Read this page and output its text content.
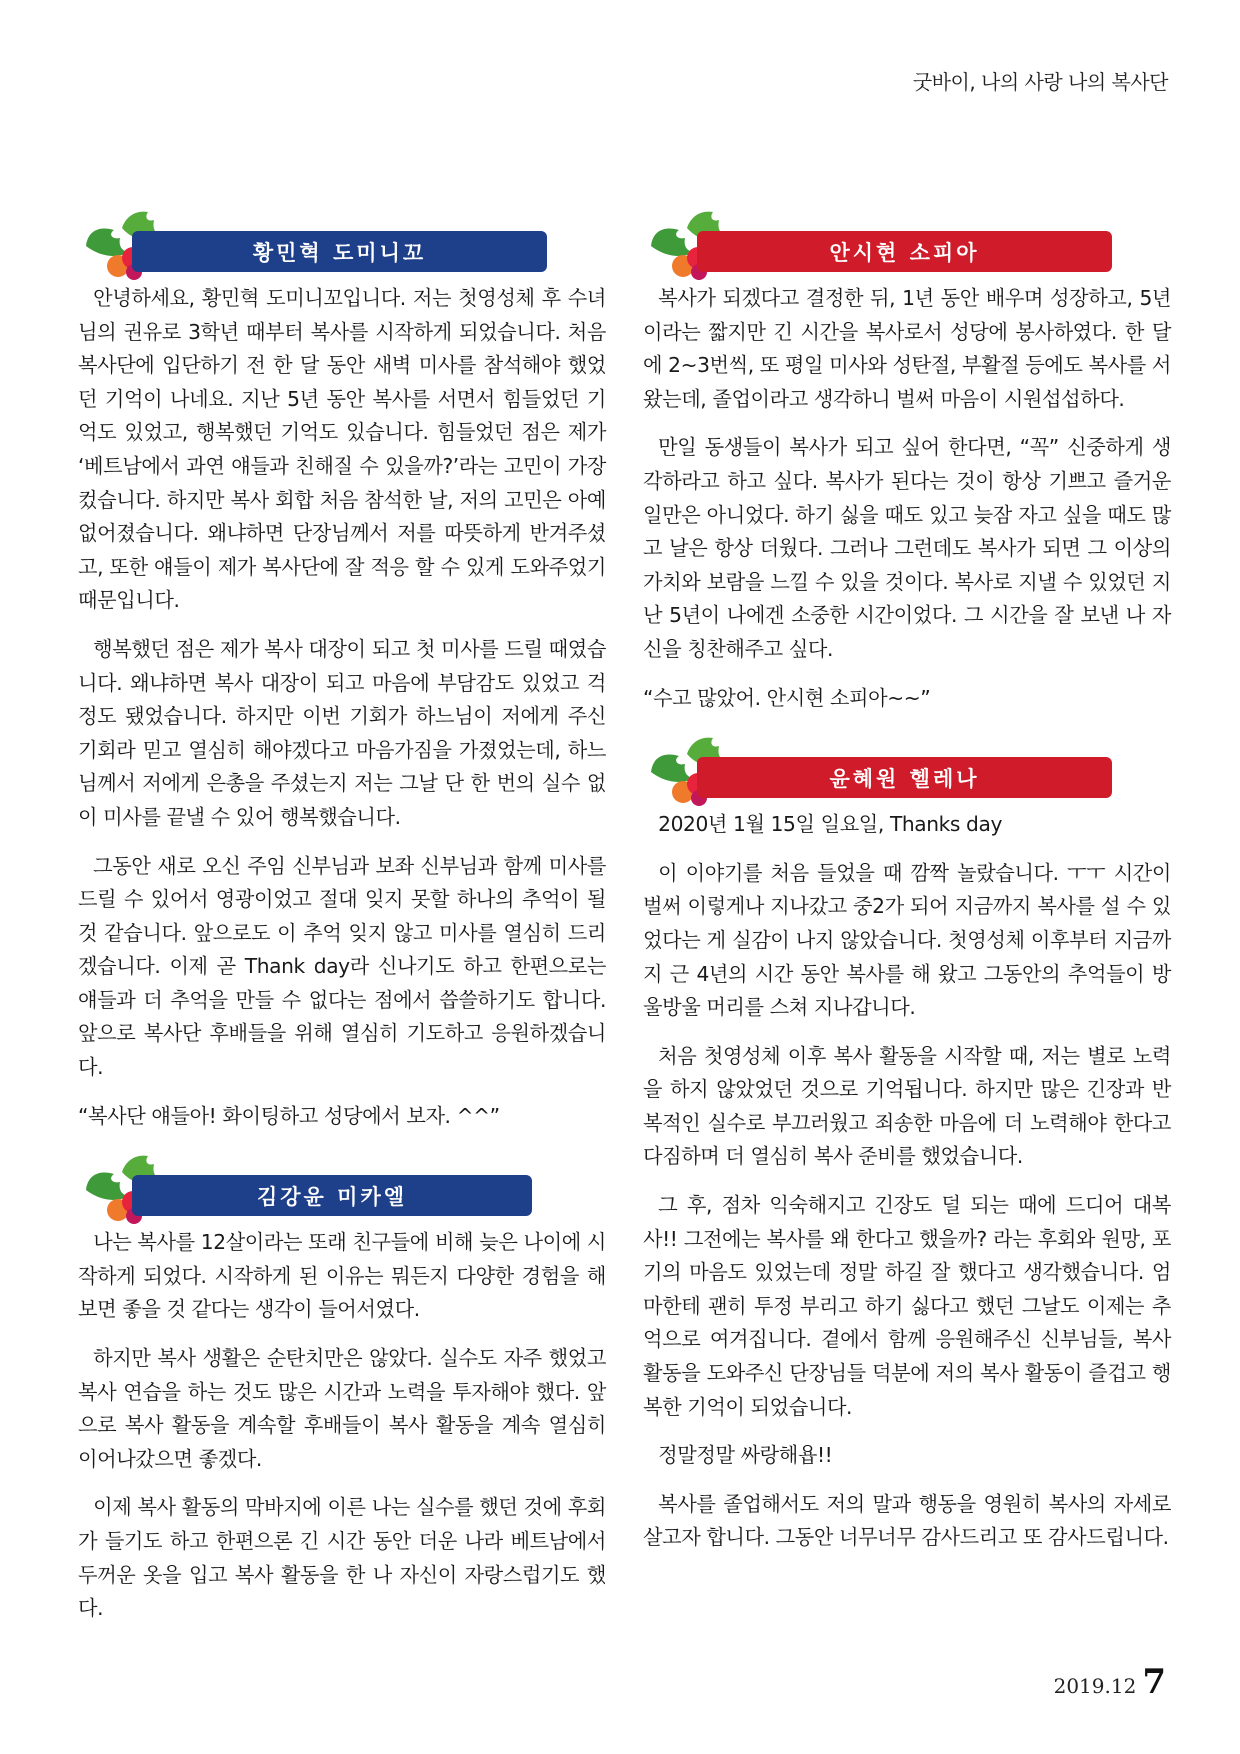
굿바이, 나의 사랑 나의 복사단
황민혁 도미니꼬

안녕하세요, 황민혁 도미니꼬입니다. 저는 첫영성체 후 수녀님의 권유로 3학년 때부터 복사를 시작하게 되었습니다. 처음 복사단에 입단하기 전 한 달 동안 새벽 미사를 참석해야 했었던 기억이 나네요. 지난 5년 동안 복사를 서면서 힘들었던 기억도 있었고, 행복했던 기억도 있습니다. 힘들었던 점은 제가 ‘베트남에서 과연 얘들과 친해질 수 있을까?’라는 고민이 가장 컸습니다. 하지만 복사 회합 처음 참석한 날, 저의 고민은 아예 없어졌습니다. 왜냐하면 단장님께서 저를 따뜻하게 반겨주셨고, 또한 얘들이 제가 복사단에 잘 적응 할 수 있게 도와주었기 때문입니다.

행복했던 점은 제가 복사 대장이 되고 첫 미사를 드릴 때였습니다. 왜냐하면 복사 대장이 되고 마음에 부담감도 있었고 걱정도 됐었습니다. 하지만 이번 기회가 하느님이 저에게 주신 기회라 믿고 열심히 해야겠다고 마음가짐을 가졌었는데, 하느님께서 저에게 은총을 주셨는지 저는 그날 단 한 번의 실수 없이 미사를 끝낼 수 있어 행복했습니다.

그동안 새로 오신 주임 신부님과 보좌 신부님과 함께 미사를 드릴 수 있어서 영광이었고 절대 잊지 못할 하나의 추억이 될 것 같습니다. 앞으로도 이 추억 잊지 않고 미사를 열심히 드리겠습니다. 이제 곧 Thank day라 신나기도 하고 한편으로는 얘들과 더 추억을 만들 수 없다는 점에서 씁쓸하기도 합니다. 앞으로 복사단 후배들을 위해 열심히 기도하고 응원하겠습니다.

“복사단 얘들아! 화이팅하고 성당에서 보자. ^^”

김강윤 미카엘

나는 복사를 12살이라는 또래 친구들에 비해 늦은 나이에 시작하게 되었다. 시작하게 된 이유는 뭐든지 다양한 경험을 해보면 좋을 것 같다는 생각이 들어서였다.

하지만 복사 생활은 순탄치만은 않았다. 실수도 자주 했었고 복사 연습을 하는 것도 많은 시간과 노력을 투자해야 했다. 앞으로 복사 활동을 계속할 후배들이 복사 활동을 계속 열심히 이어나갔으면 좋겠다.

이제 복사 활동의 막바지에 이른 나는 실수를 했던 것에 후회가 들기도 하고 한편으론 긴 시간 동안 더운 나라 베트남에서 두꺼운 옷을 입고 복사 활동을 한 나 자신이 자랑스럽기도 했다.

안시현 소피아

복사가 되겠다고 결정한 뒤, 1년 동안 배우며 성장하고, 5년이라는 짧지만 긴 시간을 복사로서 성당에 봉사하였다. 한 달에 2~3번씩, 또 평일 미사와 성탄절, 부활절 등에도 복사를 서 왔는데, 졸업이라고 생각하니 벌써 마음이 시원섭섭하다.

만일 동생들이 복사가 되고 싶어 한다면, “꼭” 신중하게 생각하라고 하고 싶다. 복사가 된다는 것이 항상 기쁘고 즐거운 일만은 아니었다. 하기 싫을 때도 있고 늦잠 자고 싶을 때도 많고 날은 항상 더웠다. 그러나 그런데도 복사가 되면 그 이상의 가치와 보람을 느낄 수 있을 것이다. 복사로 지낼 수 있었던 지난 5년이 나에겐 소중한 시간이었다. 그 시간을 잘 보낸 나 자신을 칭찬해주고 싶다.

“수고 많았어. 안시현 소피아~~”

윤혜원 헬레나

2020년 1월 15일 일요일, Thanks day

이 이야기를 처음 들었을 때 깜짝 놀랐습니다. ㅜㅜ 시간이 벌써 이렇게나 지나갔고 중2가 되어 지금까지 복사를 설 수 있었다는 게 실감이 나지 않았습니다. 첫영성체 이후부터 지금까지 근 4년의 시간 동안 복사를 해 왔고 그동안의 추억들이 방울방울 머리를 스쳐 지나갑니다.

처음 첫영성체 이후 복사 활동을 시작할 때, 저는 별로 노력을 하지 않았었던 것으로 기억됩니다. 하지만 많은 긴장과 반복적인 실수로 부끄러웠고 죄송한 마음에 더 노력해야 한다고 다짐하며 더 열심히 복사 준비를 했었습니다.

그 후, 점차 익숙해지고 긴장도 덜 되는 때에 드디어 대복사!! 그전에는 복사를 왜 한다고 했을까? 라는 후회와 원망, 포기의 마음도 있었는데 정말 하길 잘 했다고 생각했습니다. 엄마한테 괜히 투정 부리고 하기 싫다고 했던 그날도 이제는 추억으로 여겨집니다. 곁에서 함께 응원해주신 신부님들, 복사 활동을 도와주신 단장님들 덕분에 저의 복사 활동이 즐겁고 행복한 기억이 되었습니다.

정말정말 싸랑해욥!!

복사를 졸업해서도 저의 말과 행동을 영원히 복사의 자세로 살고자 합니다. 그동안 너무너무 감사드리고 또 감사드립니다.

2019.12 7
